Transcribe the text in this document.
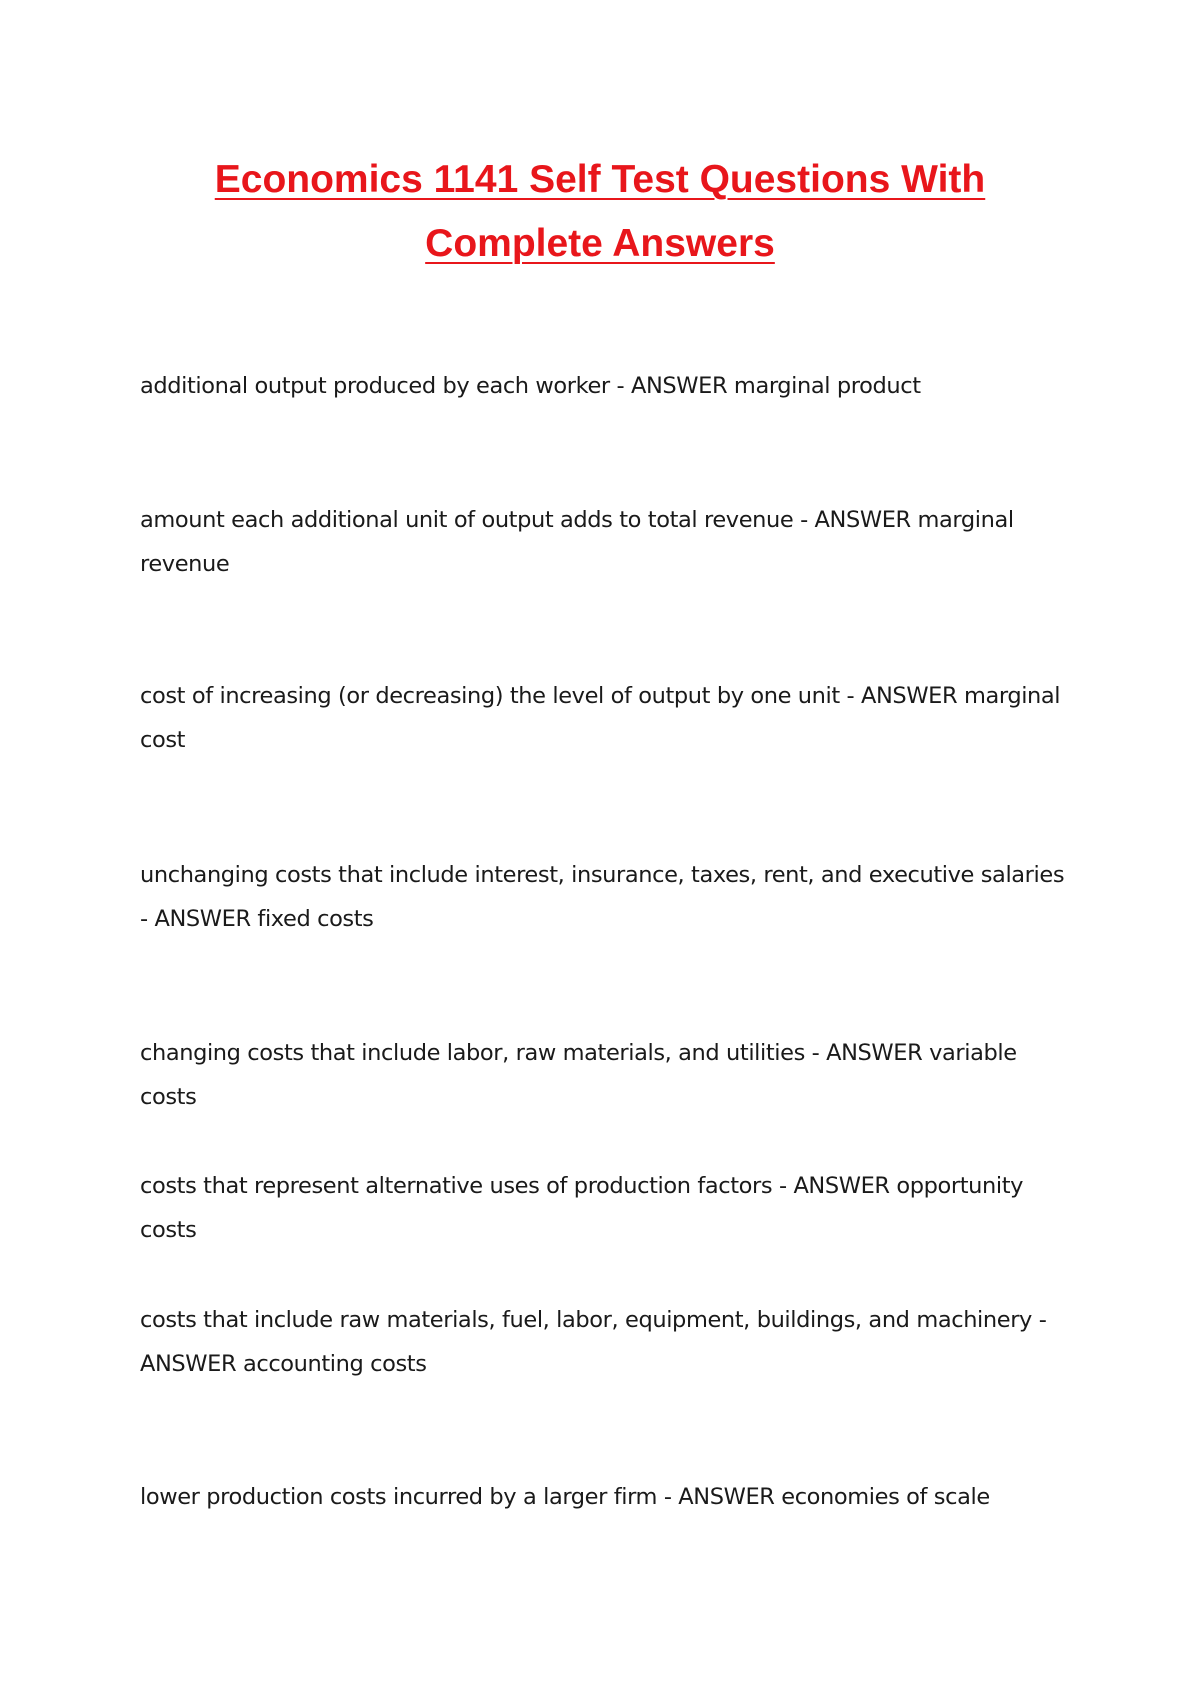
Economics 1141 Self Test Questions With
Complete Answers

additional output produced by each worker - ANSWER marginal product

amount each additional unit of output adds to total revenue - ANSWER marginal revenue

cost of increasing (or decreasing) the level of output by one unit - ANSWER marginal cost

unchanging costs that include interest, insurance, taxes, rent, and executive salaries - ANSWER fixed costs

changing costs that include labor, raw materials, and utilities - ANSWER variable costs

costs that represent alternative uses of production factors - ANSWER opportunity costs

costs that include raw materials, fuel, labor, equipment, buildings, and machinery - ANSWER accounting costs

lower production costs incurred by a larger firm - ANSWER economies of scale
